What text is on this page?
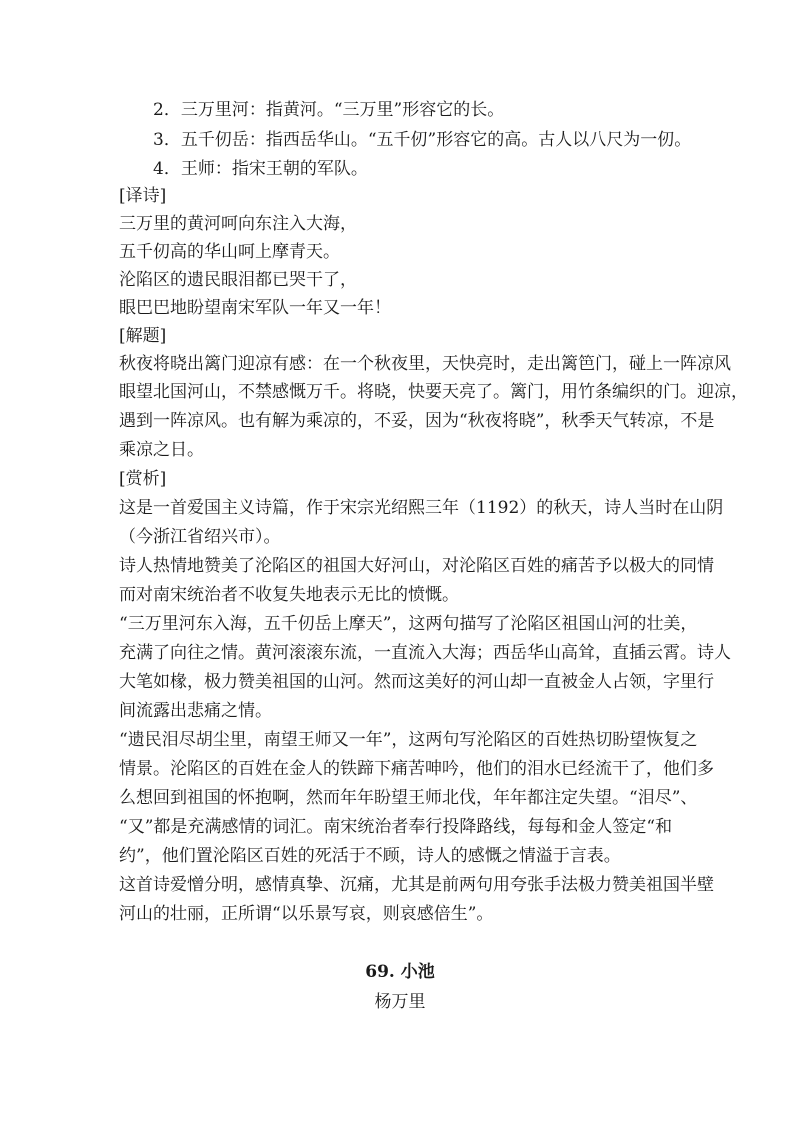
2．三万里河：指黄河。“三万里”形容它的长。
3．五千仞岳：指西岳华山。“五千仞”形容它的高。古人以八尺为一仞。
4．王师：指宋王朝的军队。
[译诗]
三万里的黄河呵向东注入大海，
五千仞高的华山呵上摩青天。
沦陷区的遗民眼泪都已哭干了，
眼巴巴地盼望南宋军队一年又一年！
[解题]
秋夜将晓出篱门迎凉有感：在一个秋夜里，天快亮时，走出篱笆门，碰上一阵凉风
眼望北国河山，不禁感慨万千。将晓，快要天亮了。篱门，用竹条编织的门。迎凉，
遇到一阵凉风。也有解为乘凉的，不妥，因为“秋夜将晓”，秋季天气转凉，不是
乘凉之日。
[赏析]
这是一首爱国主义诗篇，作于宋宗光绍熙三年（1192）的秋天，诗人当时在山阴
（今浙江省绍兴市）。
诗人热情地赞美了沦陷区的祖国大好河山，对沦陷区百姓的痛苦予以极大的同情
而对南宋统治者不收复失地表示无比的愤慨。
“三万里河东入海，五千仞岳上摩天”，这两句描写了沦陷区祖国山河的壮美，
充满了向往之情。黄河滚滚东流，一直流入大海；西岳华山高耸，直插云霄。诗人
大笔如椽，极力赞美祖国的山河。然而这美好的河山却一直被金人占领，字里行
间流露出悲痛之情。
“遗民泪尽胡尘里，南望王师又一年”，这两句写沦陷区的百姓热切盼望恢复之
情景。沦陷区的百姓在金人的铁蹄下痛苦呻吟，他们的泪水已经流干了，他们多
么想回到祖国的怀抱啊，然而年年盼望王师北伐，年年都注定失望。“泪尽”、
“又”都是充满感情的词汇。南宋统治者奉行投降路线，每每和金人签定“和
约”，他们置沦陷区百姓的死活于不顾，诗人的感慨之情溢于言表。
这首诗爱憎分明，感情真挚、沉痛，尤其是前两句用夸张手法极力赞美祖国半壁
河山的壮丽，正所谓“以乐景写哀，则哀感倍生”。
69. 小池
杨万里
